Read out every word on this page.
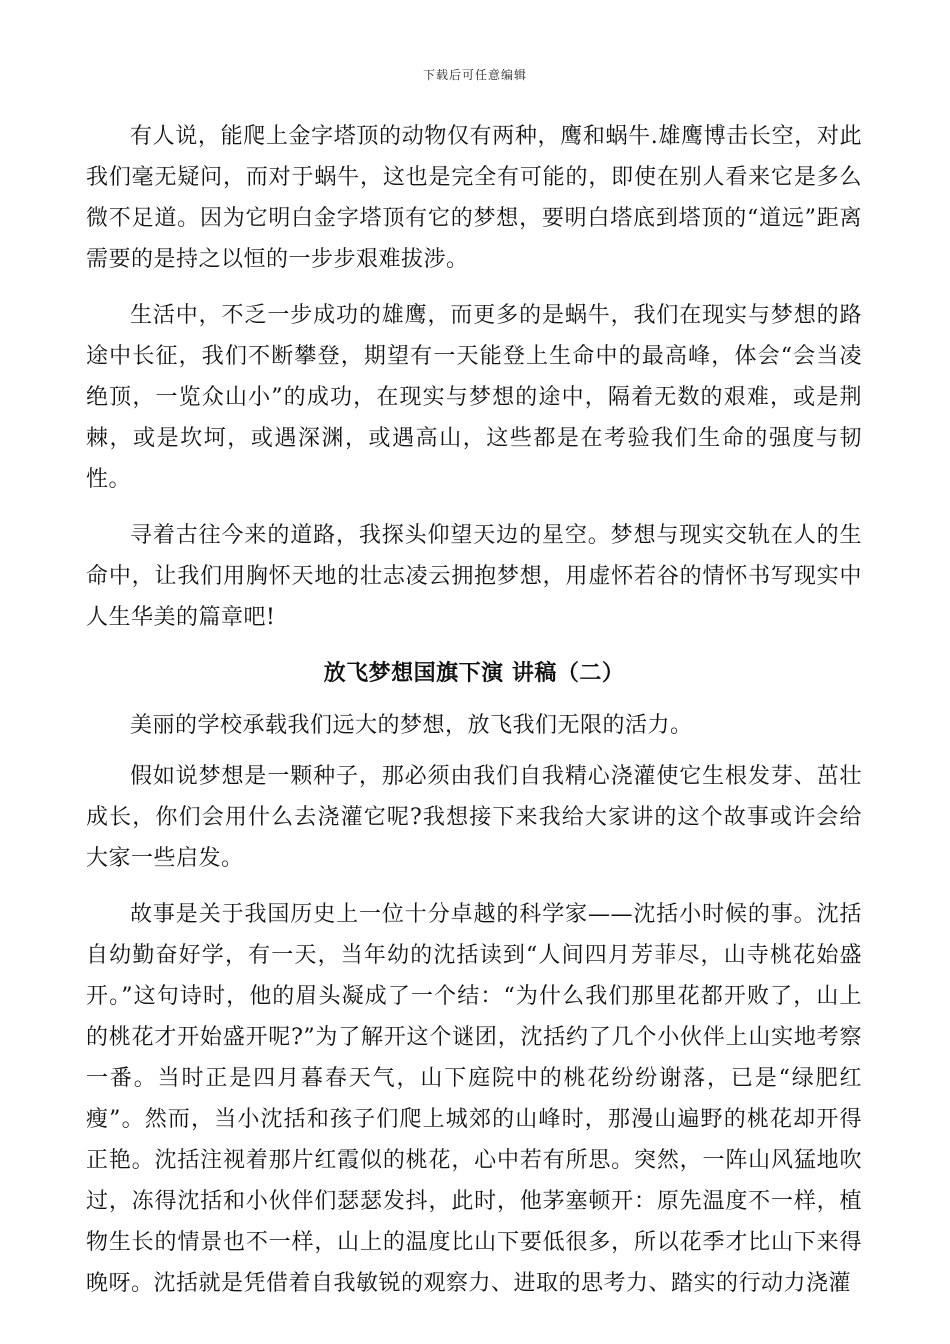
下载后可任意编辑

有人说，能爬上金字塔顶的动物仅有两种，鹰和蜗牛.雄鹰博击长空，对此我们毫无疑问，而对于蜗牛，这也是完全有可能的，即使在别人看来它是多么微不足道。因为它明白金字塔顶有它的梦想，要明白塔底到塔顶的“道远”距离需要的是持之以恒的一步步艰难拔涉。

生活中，不乏一步成功的雄鹰，而更多的是蜗牛，我们在现实与梦想的路途中长征，我们不断攀登，期望有一天能登上生命中的最高峰，体会“会当凌绝顶，一览众山小”的成功，在现实与梦想的途中，隔着无数的艰难，或是荆棘，或是坎坷，或遇深渊，或遇高山，这些都是在考验我们生命的强度与韧性。

寻着古往今来的道路，我探头仰望天边的星空。梦想与现实交轨在人的生命中，让我们用胸怀天地的壮志凌云拥抱梦想，用虚怀若谷的情怀书写现实中人生华美的篇章吧!

放飞梦想国旗下演 讲稿（二）

美丽的学校承载我们远大的梦想，放飞我们无限的活力。

假如说梦想是一颗种子，那必须由我们自我精心浇灌使它生根发芽、茁壮成长，你们会用什么去浇灌它呢?我想接下来我给大家讲的这个故事或许会给大家一些启发。

故事是关于我国历史上一位十分卓越的科学家——沈括小时候的事。沈括自幼勤奋好学，有一天，当年幼的沈括读到“人间四月芳菲尽，山寺桃花始盛开。”这句诗时，他的眉头凝成了一个结：“为什么我们那里花都开败了，山上的桃花才开始盛开呢?”为了解开这个谜团，沈括约了几个小伙伴上山实地考察一番。当时正是四月暮春天气，山下庭院中的桃花纷纷谢落，已是“绿肥红瘦”。然而，当小沈括和孩子们爬上城郊的山峰时，那漫山遍野的桃花却开得正艳。沈括注视着那片红霞似的桃花，心中若有所思。突然，一阵山风猛地吹过，冻得沈括和小伙伴们瑟瑟发抖，此时，他茅塞顿开：原先温度不一样，植物生长的情景也不一样，山上的温度比山下要低很多，所以花季才比山下来得晚呀。沈括就是凭借着自我敏锐的观察力、进取的思考力、踏实的行动力浇灌
